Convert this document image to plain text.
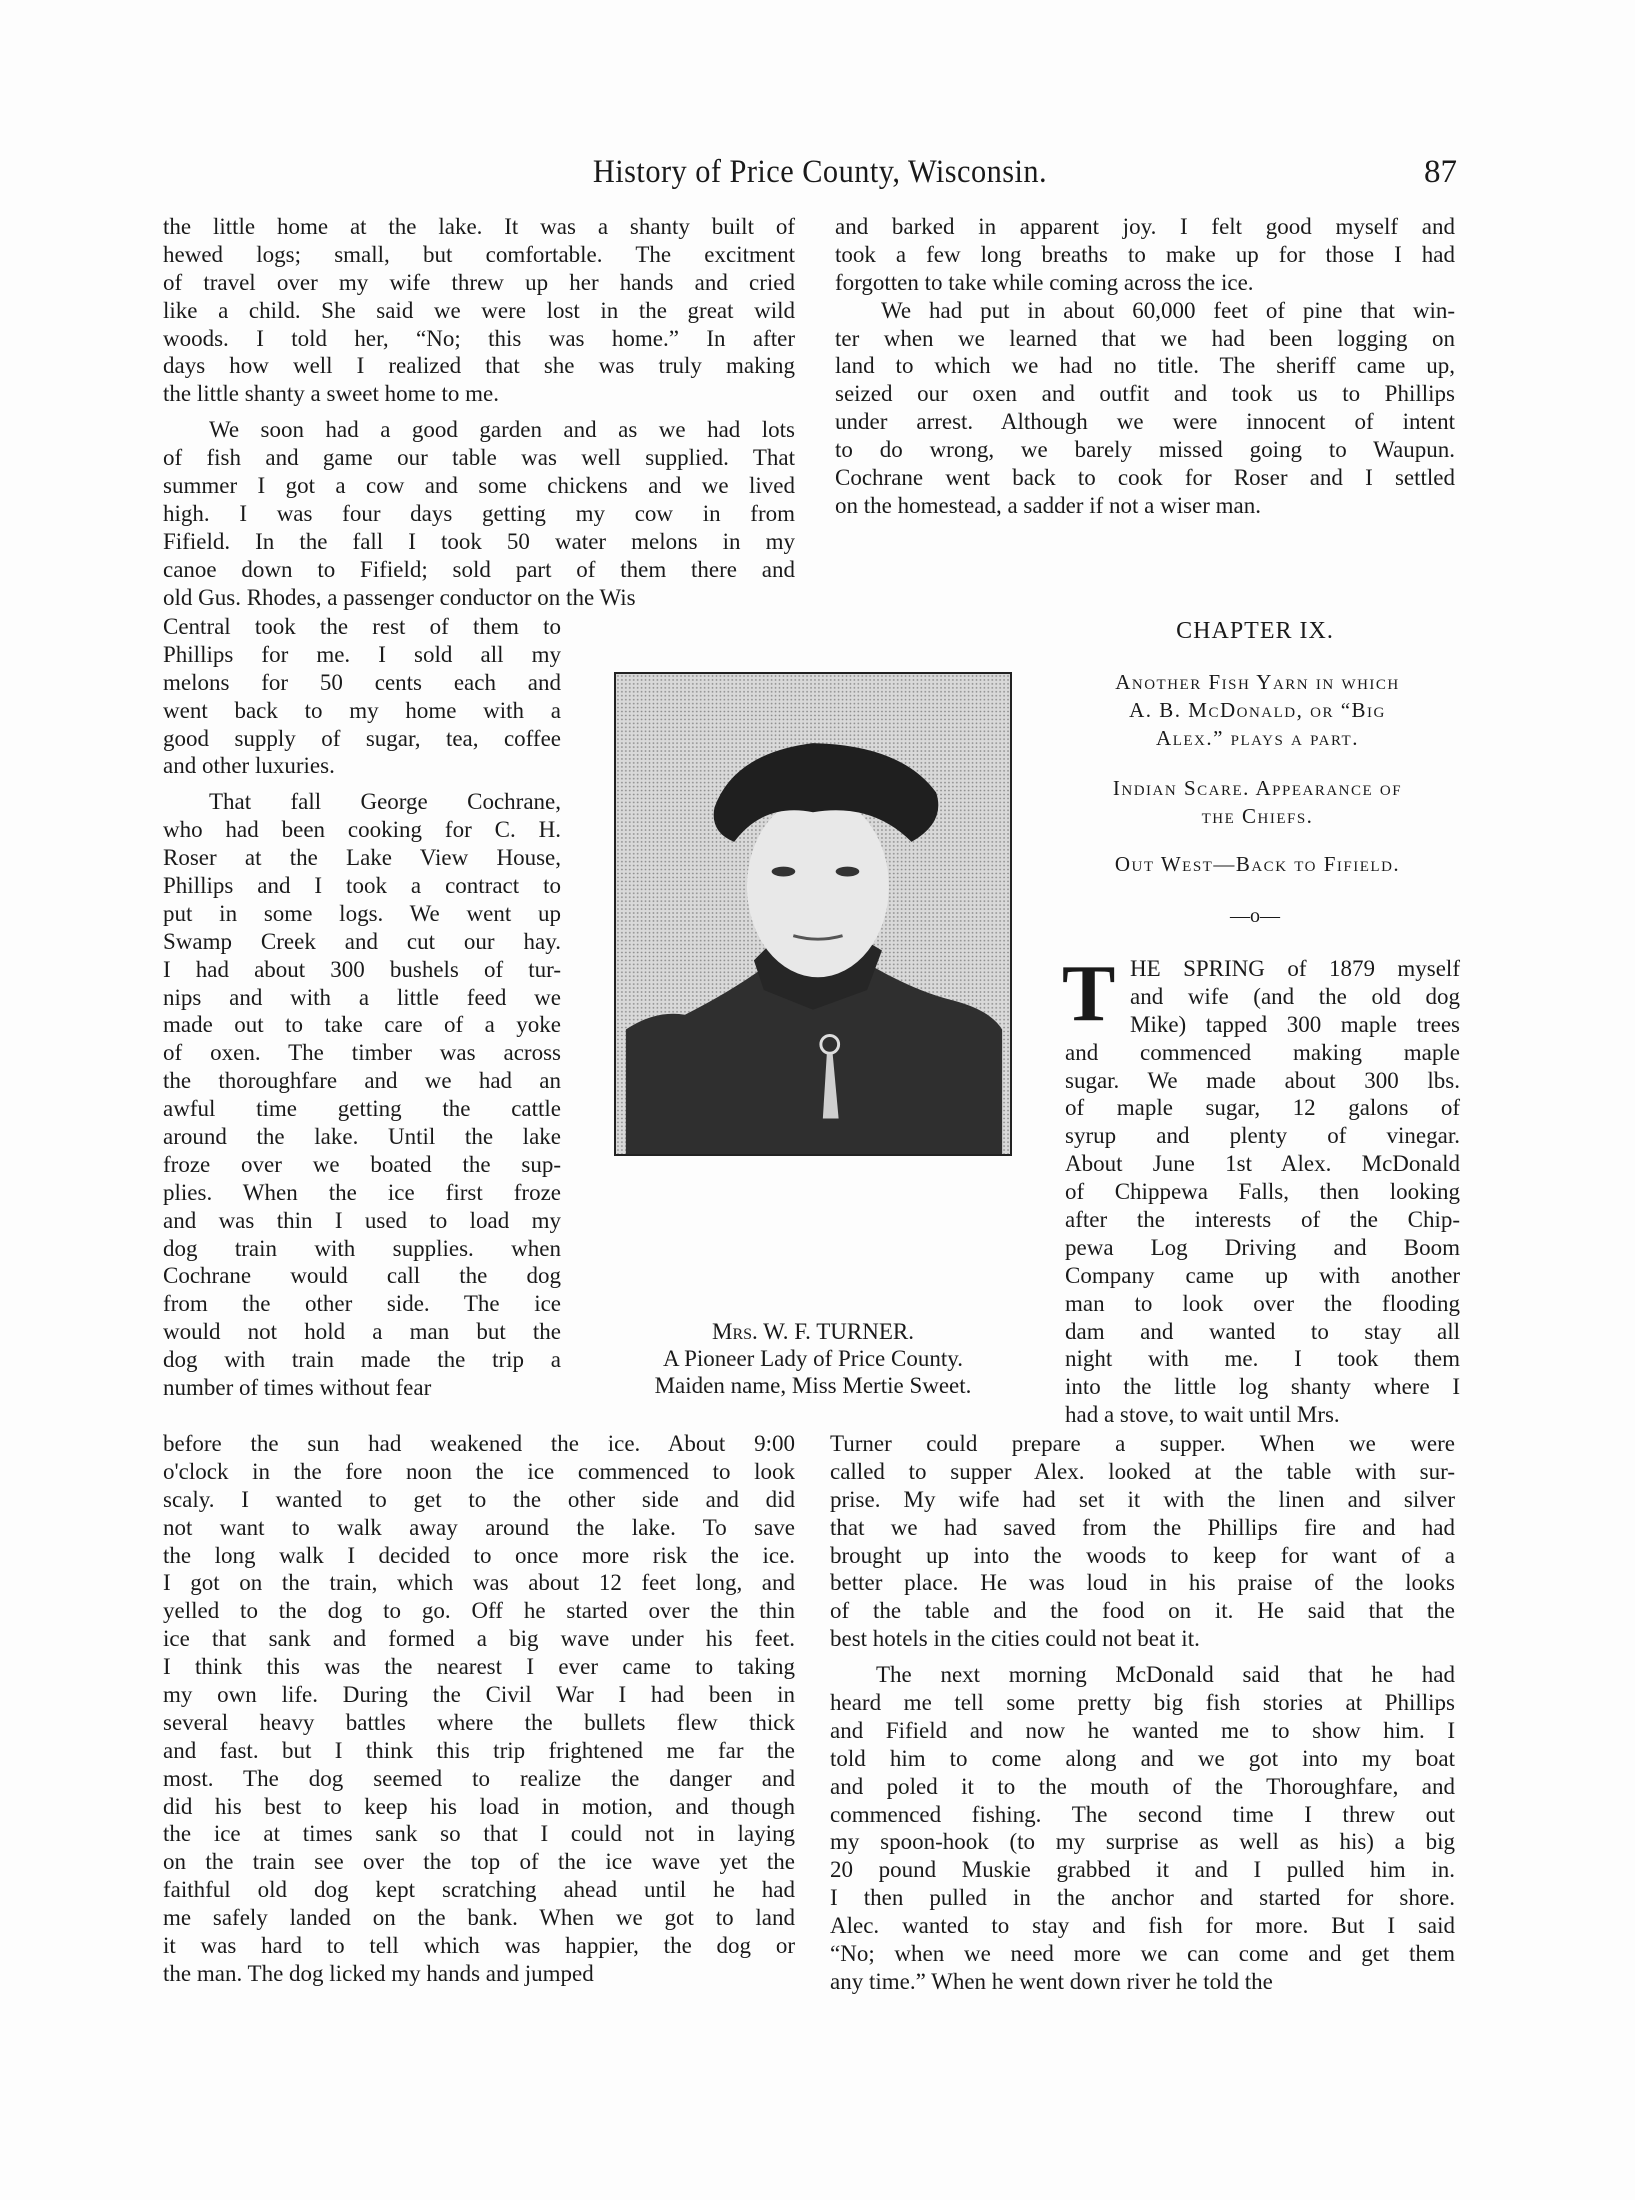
History of Price County, Wisconsin.	87
the little home at the lake. It was a shanty built of
hewed logs; small, but comfortable. The excitment
of travel over my wife threw up her hands and cried
like a child. She said we were lost in the great wild
woods. I told her, “No; this was home.” In after
days how well I realized that she was truly making
the little shanty a sweet home to me.
We soon had a good garden and as we had lots
of fish and game our table was well supplied. That
summer I got a cow and some chickens and we lived
high. I was four days getting my cow in from
Fifield. In the fall I took 50 water melons in my
canoe down to Fifield; sold part of them there and
old Gus. Rhodes, a passenger conductor on the Wis
Central took the rest of them to
Phillips for me. I sold all my
melons for 50 cents each and
went back to my home with a
good supply of sugar, tea, coffee
and other luxuries.
That fall George Cochrane,
who had been cooking for C. H.
Roser at the Lake View House,
Phillips and I took a contract to
put in some logs. We went up
Swamp Creek and cut our hay.
I had about 300 bushels of tur-
nips and with a little feed we
made out to take care of a yoke
of oxen. The timber was across
the thoroughfare and we had an
awful time getting the cattle
around the lake. Until the lake
froze over we boated the sup-
plies. When the ice first froze
and was thin I used to load my
dog train with supplies. when
Cochrane would call the dog
from the other side. The ice
would not hold a man but the
dog with train made the trip a
number of times without fear
before the sun had weakened the ice. About 9:00
o'clock in the fore noon the ice commenced to look
scaly. I wanted to get to the other side and did
not want to walk away around the lake. To save
the long walk I decided to once more risk the ice.
I got on the train, which was about 12 feet long, and
yelled to the dog to go. Off he started over the thin
ice that sank and formed a big wave under his feet.
I think this was the nearest I ever came to taking
my own life. During the Civil War I had been in
several heavy battles where the bullets flew thick
and fast. but I think this trip frightened me far the
most. The dog seemed to realize the danger and
did his best to keep his load in motion, and though
the ice at times sank so that I could not in laying
on the train see over the top of the ice wave yet the
faithful old dog kept scratching ahead until he had
me safely landed on the bank. When we got to land
it was hard to tell which was happier, the dog or
the man. The dog licked my hands and jumped
and barked in apparent joy. I felt good myself and
took a few long breaths to make up for those I had
forgotten to take while coming across the ice.
We had put in about 60,000 feet of pine that win-
ter when we learned that we had been logging on
land to which we had no title. The sheriff came up,
seized our oxen and outfit and took us to Phillips
under arrest. Although we were innocent of intent
to do wrong, we barely missed going to Waupun.
Cochrane went back to cook for Roser and I settled
on the homestead, a sadder if not a wiser man.
Mrs. W. F. TURNER.
A Pioneer Lady of Price County.
Maiden name, Miss Mertie Sweet.
CHAPTER IX.
Another Fish Yarn in which
A. B. McDonald, or “Big
Alex.” plays a part.
Indian Scare. Appearance of
the Chiefs.
Out West—Back to Fifield.
—o—
T HE SPRING of 1879 myself
and wife (and the old dog
Mike) tapped 300 maple trees
and commenced making maple
sugar. We made about 300 lbs.
of maple sugar, 12 galons of
syrup and plenty of vinegar.
About June 1st Alex. McDonald
of Chippewa Falls, then looking
after the interests of the Chip-
pewa Log Driving and Boom
Company came up with another
man to look over the flooding
dam and wanted to stay all
night with me. I took them
into the little log shanty where I
had a stove, to wait until Mrs.
Turner could prepare a supper. When we were
called to supper Alex. looked at the table with sur-
prise. My wife had set it with the linen and silver
that we had saved from the Phillips fire and had
brought up into the woods to keep for want of a
better place. He was loud in his praise of the looks
of the table and the food on it. He said that the
best hotels in the cities could not beat it.
The next morning McDonald said that he had
heard me tell some pretty big fish stories at Phillips
and Fifield and now he wanted me to show him. I
told him to come along and we got into my boat
and poled it to the mouth of the Thoroughfare, and
commenced fishing. The second time I threw out
my spoon-hook (to my surprise as well as his) a big
20 pound Muskie grabbed it and I pulled him in.
I then pulled in the anchor and started for shore.
Alec. wanted to stay and fish for more. But I said
“No; when we need more we can come and get them
any time.” When he went down river he told the
